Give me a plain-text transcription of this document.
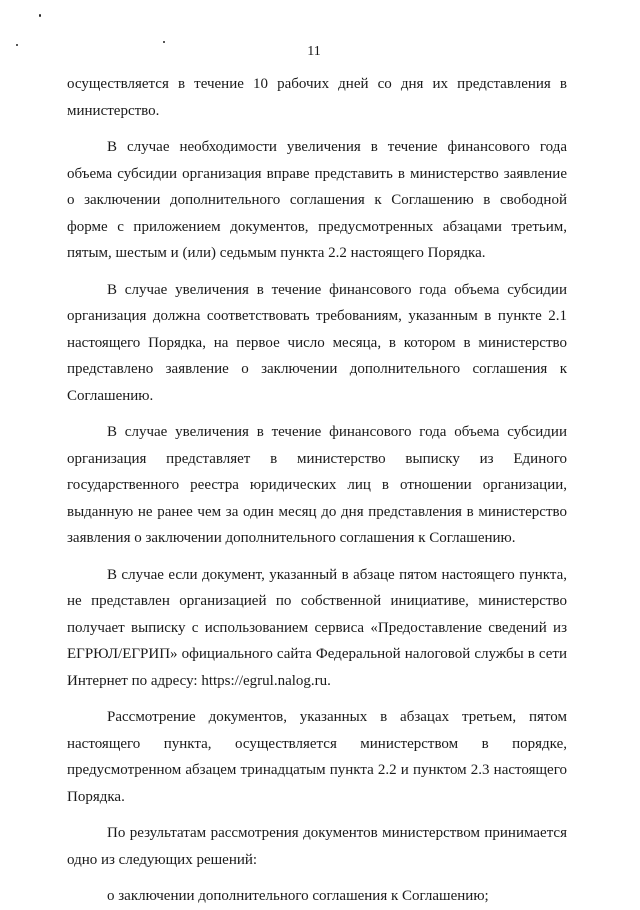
11

осуществляется в течение 10 рабочих дней со дня их представления в министерство.

В случае необходимости увеличения в течение финансового года объема субсидии организация вправе представить в министерство заявление о заключении дополнительного соглашения к Соглашению в свободной форме с приложением документов, предусмотренных абзацами третьим, пятым, шестым и (или) седьмым пункта 2.2 настоящего Порядка.

В случае увеличения в течение финансового года объема субсидии организация должна соответствовать требованиям, указанным в пункте 2.1 настоящего Порядка, на первое число месяца, в котором в министерство представлено заявление о заключении дополнительного соглашения к Соглашению.

В случае увеличения в течение финансового года объема субсидии организация представляет в министерство выписку из Единого государственного реестра юридических лиц в отношении организации, выданную не ранее чем за один месяц до дня представления в министерство заявления о заключении дополнительного соглашения к Соглашению.

В случае если документ, указанный в абзаце пятом настоящего пункта, не представлен организацией по собственной инициативе, министерство получает выписку с использованием сервиса «Предоставление сведений из ЕГРЮЛ/ЕГРИП» официального сайта Федеральной налоговой службы в сети Интернет по адресу: https://egrul.nalog.ru.

Рассмотрение документов, указанных в абзацах третьем, пятом настоящего пункта, осуществляется министерством в порядке, предусмотренном абзацем тринадцатым пункта 2.2 и пунктом 2.3 настоящего Порядка.

По результатам рассмотрения документов министерством принимается одно из следующих решений:

о заключении дополнительного соглашения к Соглашению;
